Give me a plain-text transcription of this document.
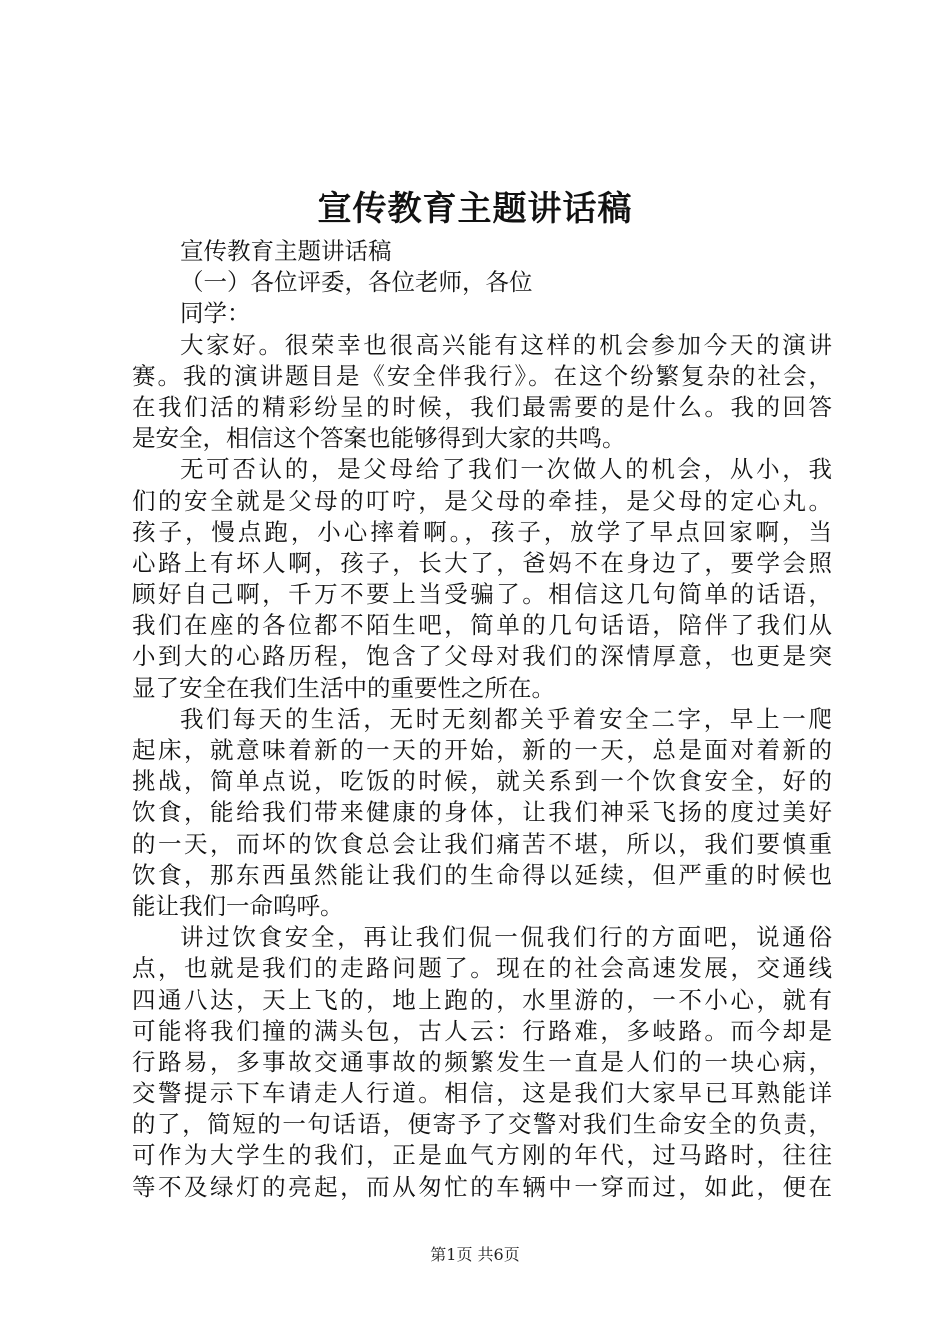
宣传教育主题讲话稿
宣传教育主题讲话稿
（一）各位评委，各位老师，各位
同学：
大家好。很荣幸也很高兴能有这样的机会参加今天的演讲
赛。我的演讲题目是《安全伴我行》。在这个纷繁复杂的社会，
在我们活的精彩纷呈的时候，我们最需要的是什么。我的回答
是安全，相信这个答案也能够得到大家的共鸣。
无可否认的，是父母给了我们一次做人的机会，从小，我
们的安全就是父母的叮咛，是父母的牵挂，是父母的定心丸。
孩子，慢点跑，小心摔着啊。，孩子，放学了早点回家啊，当
心路上有坏人啊，孩子，长大了，爸妈不在身边了，要学会照
顾好自己啊，千万不要上当受骗了。相信这几句简单的话语，
我们在座的各位都不陌生吧，简单的几句话语，陪伴了我们从
小到大的心路历程，饱含了父母对我们的深情厚意，也更是突
显了安全在我们生活中的重要性之所在。
我们每天的生活，无时无刻都关乎着安全二字，早上一爬
起床，就意味着新的一天的开始，新的一天，总是面对着新的
挑战，简单点说，吃饭的时候，就关系到一个饮食安全，好的
饮食，能给我们带来健康的身体，让我们神采飞扬的度过美好
的一天，而坏的饮食总会让我们痛苦不堪，所以，我们要慎重
饮食，那东西虽然能让我们的生命得以延续，但严重的时候也
能让我们一命呜呼。
讲过饮食安全，再让我们侃一侃我们行的方面吧，说通俗
点，也就是我们的走路问题了。现在的社会高速发展，交通线
四通八达，天上飞的，地上跑的，水里游的，一不小心，就有
可能将我们撞的满头包，古人云：行路难，多岐路。而今却是
行路易，多事故交通事故的频繁发生一直是人们的一块心病，
交警提示下车请走人行道。相信，这是我们大家早已耳熟能详
的了，简短的一句话语，便寄予了交警对我们生命安全的负责，
可作为大学生的我们，正是血气方刚的年代，过马路时，往往
等不及绿灯的亮起，而从匆忙的车辆中一穿而过，如此，便在
第1页 共6页
